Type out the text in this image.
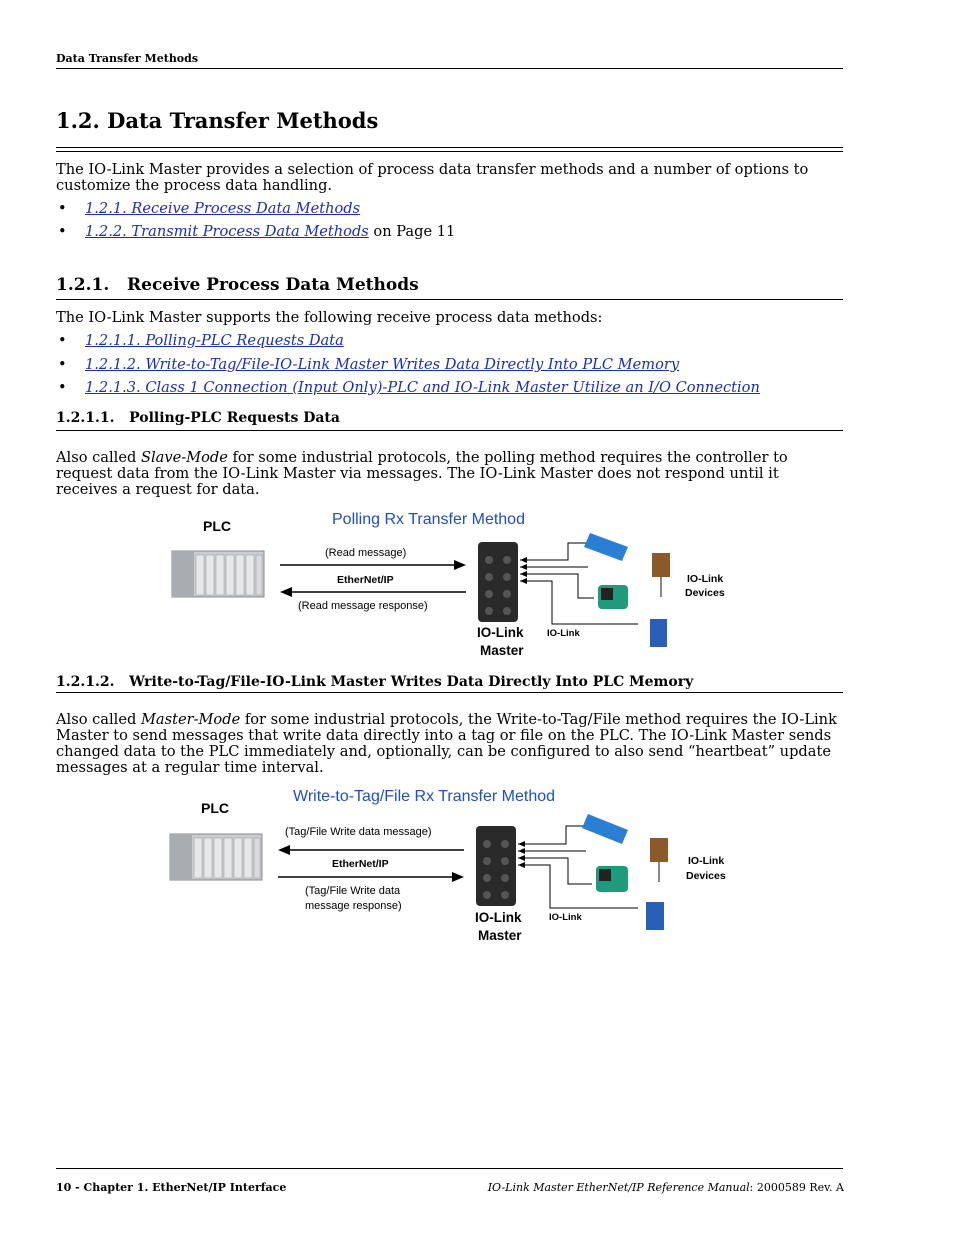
Data Transfer Methods
1.2. Data Transfer Methods

The IO-Link Master provides a selection of process data transfer methods and a number of options to customize the process data handling.

• 1.2.1. Receive Process Data Methods
• 1.2.2. Transmit Process Data Methods on Page 11
1.2.1.   Receive Process Data Methods

The IO-Link Master supports the following receive process data methods:

• 1.2.1.1. Polling-PLC Requests Data
• 1.2.1.2. Write-to-Tag/File-IO-Link Master Writes Data Directly Into PLC Memory
• 1.2.1.3. Class 1 Connection (Input Only)-PLC and IO-Link Master Utilize an I/O Connection
1.2.1.1.   Polling-PLC Requests Data

Also called Slave-Mode for some industrial protocols, the polling method requires the controller to request data from the IO-Link Master via messages. The IO-Link Master does not respond until it receives a request for data.

Polling Rx Transfer Method
PLC
(Read message)
EtherNet/IP
(Read message response)
IO-Link
Master
IO-Link
IO-Link
Devices
1.2.1.2.   Write-to-Tag/File-IO-Link Master Writes Data Directly Into PLC Memory

Also called Master-Mode for some industrial protocols, the Write-to-Tag/File method requires the IO-Link Master to send messages that write data directly into a tag or file on the PLC. The IO-Link Master sends changed data to the PLC immediately and, optionally, can be configured to also send “heartbeat” update messages at a regular time interval.

Write-to-Tag/File Rx Transfer Method
PLC
(Tag/File Write data message)
EtherNet/IP
(Tag/File Write data
message response)
IO-Link
Master
IO-Link
IO-Link
Devices
10 - Chapter 1. EtherNet/IP Interface	IO-Link Master EtherNet/IP Reference Manual: 2000589 Rev. A
